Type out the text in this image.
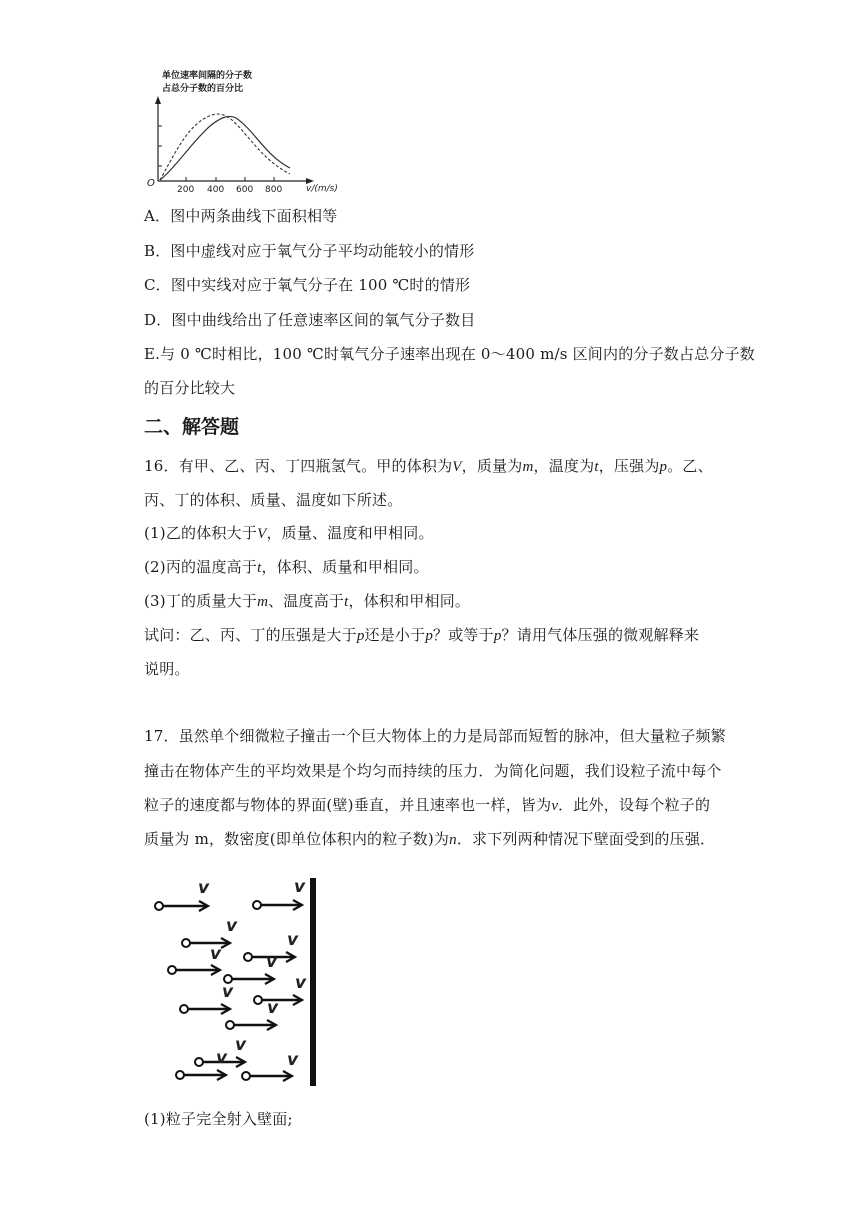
单位速率间隔的分子数
占总分子数的百分比
O
200 400 600 800	v/(m/s)
A．图中两条曲线下面积相等
B．图中虚线对应于氧气分子平均动能较小的情形
C．图中实线对应于氧气分子在 100 ℃时的情形
D．图中曲线给出了任意速率区间的氧气分子数目
E.与 0 ℃时相比，100 ℃时氧气分子速率出现在 0～400 m/s 区间内的分子数占总分子数
的百分比较大
二、解答题
16．有甲、乙、丙、丁四瓶氢气。甲的体积为V，质量为m，温度为t，压强为p。乙、
丙、丁的体积、质量、温度如下所述。
(1)乙的体积大于V，质量、温度和甲相同。
(2)丙的温度高于t，体积、质量和甲相同。
(3)丁的质量大于m、温度高于t，体积和甲相同。
试问：乙、丙、丁的压强是大于p还是小于p？或等于p？请用气体压强的微观解释来
说明。
17．虽然单个细微粒子撞击一个巨大物体上的力是局部而短暂的脉冲，但大量粒子频繁
撞击在物体产生的平均效果是个均匀而持续的压力．为简化问题，我们设粒子流中每个
粒子的速度都与物体的界面(壁)垂直，并且速率也一样，皆为v．此外，设每个粒子的
质量为 m，数密度(即单位体积内的粒子数)为n．求下列两种情况下壁面受到的压强．
v	v
v
v
v	v
v	v
v
v
v	v
(1)粒子完全射入壁面;
